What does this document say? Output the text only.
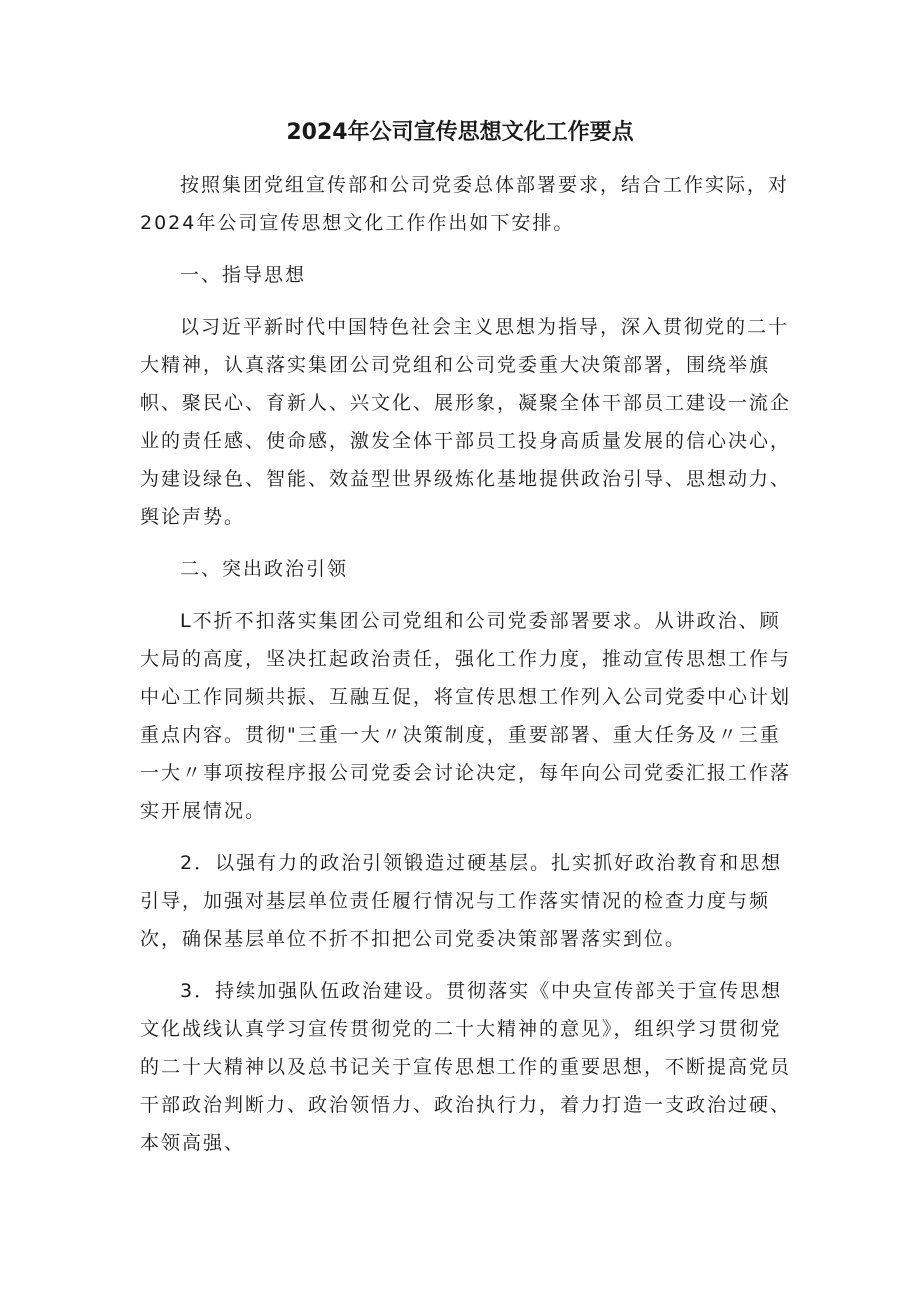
2024年公司宣传思想文化工作要点

按照集团党组宣传部和公司党委总体部署要求，结合工作实际，对2024年公司宣传思想文化工作作出如下安排。

一、指导思想

以习近平新时代中国特色社会主义思想为指导，深入贯彻党的二十大精神，认真落实集团公司党组和公司党委重大决策部署，围绕举旗帜、聚民心、育新人、兴文化、展形象，凝聚全体干部员工建设一流企业的责任感、使命感，激发全体干部员工投身高质量发展的信心决心，为建设绿色、智能、效益型世界级炼化基地提供政治引导、思想动力、舆论声势。

二、突出政治引领

L不折不扣落实集团公司党组和公司党委部署要求。从讲政治、顾大局的高度，坚决扛起政治责任，强化工作力度，推动宣传思想工作与中心工作同频共振、互融互促，将宣传思想工作列入公司党委中心计划重点内容。贯彻"三重一大〃决策制度，重要部署、重大任务及〃三重一大〃事项按程序报公司党委会讨论决定，每年向公司党委汇报工作落实开展情况。

2．以强有力的政治引领锻造过硬基层。扎实抓好政治教育和思想引导，加强对基层单位责任履行情况与工作落实情况的检查力度与频次，确保基层单位不折不扣把公司党委决策部署落实到位。

3．持续加强队伍政治建设。贯彻落实《中央宣传部关于宣传思想文化战线认真学习宣传贯彻党的二十大精神的意见》，组织学习贯彻党的二十大精神以及总书记关于宣传思想工作的重要思想，不断提高党员干部政治判断力、政治领悟力、政治执行力，着力打造一支政治过硬、本领高强、
